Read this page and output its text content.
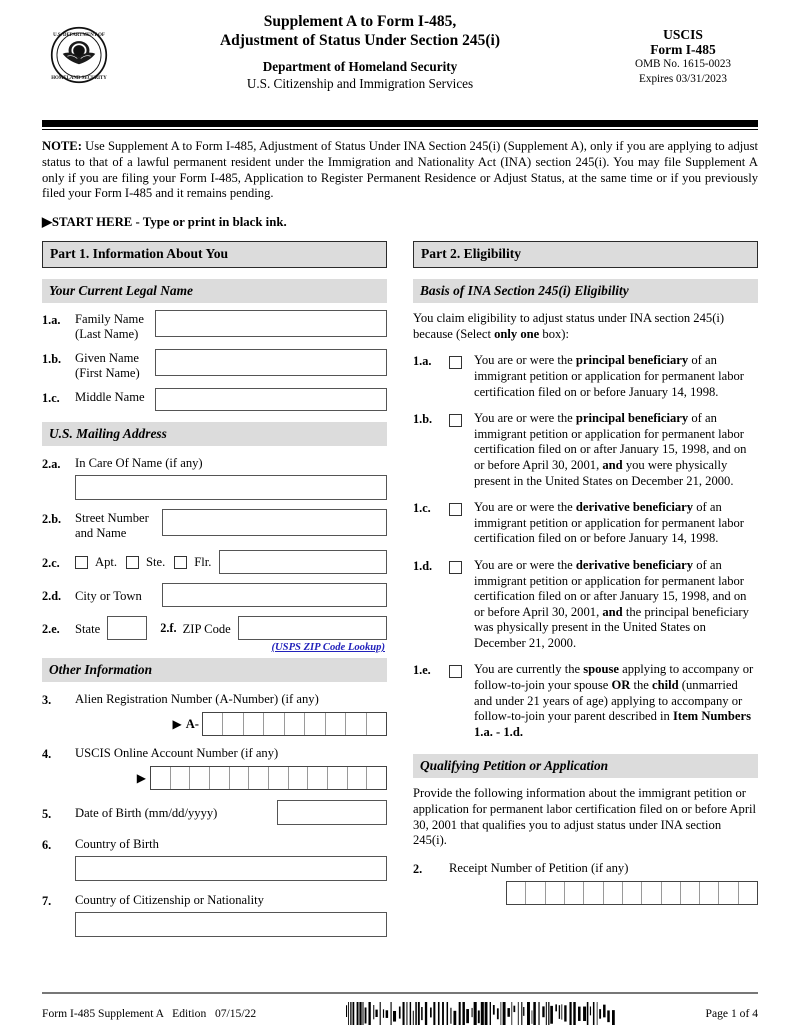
U.S. DEPARTMENT OF
HOMELAND SECURITY
Supplement A to Form I-485,
Adjustment of Status Under Section 245(i)
Department of Homeland Security
U.S. Citizenship and Immigration Services
USCIS
Form I-485
OMB No. 1615-0023
Expires 03/31/2023
NOTE: Use Supplement A to Form I-485, Adjustment of Status Under INA Section 245(i) (Supplement A), only if you are applying to adjust status to that of a lawful permanent resident under the Immigration and Nationality Act (INA) section 245(i). You may file Supplement A only if you are filing your Form I-485, Application to Register Permanent Residence or Adjust Status, at the same time or if you previously filed your Form I-485 and it remains pending.
▶START HERE - Type or print in black ink.
Part 1. Information About You
Your Current Legal Name
1.a.	Family Name
(Last Name)
1.b.	Given Name
(First Name)
1.c.	Middle Name
U.S. Mailing Address
2.a.	In Care Of Name (if any)
2.b.	Street Number
and Name
2.c.	Apt.	Ste.	Flr.
2.d.	City or Town
2.e.	State	2.f. ZIP Code
(USPS ZIP Code Lookup)
Other Information
3.	Alien Registration Number (A-Number) (if any)
▶ A-
4.	USCIS Online Account Number (if any)
▶
5.	Date of Birth (mm/dd/yyyy)
6.	Country of Birth
7.	Country of Citizenship or Nationality
Part 2. Eligibility
Basis of INA Section 245(i) Eligibility
You claim eligibility to adjust status under INA section 245(i) because (Select only one box):
1.a.	You are or were the principal beneficiary of an immigrant petition or application for permanent labor certification filed on or before January 14, 1998.
1.b.	You are or were the principal beneficiary of an immigrant petition or application for permanent labor certification filed on or after January 15, 1998, and on or before April 30, 2001, and you were physically present in the United States on December 21, 2000.
1.c.	You are or were the derivative beneficiary of an immigrant petition or application for permanent labor certification filed on or before January 14, 1998.
1.d.	You are or were the derivative beneficiary of an immigrant petition or application for permanent labor certification filed on or after January 15, 1998, and on or before April 30, 2001, and the principal beneficiary was physically present in the United States on December 21, 2000.
1.e.	You are currently the spouse applying to accompany or follow-to-join your spouse OR the child (unmarried and under 21 years of age) applying to accompany or follow-to-join your parent described in Item Numbers 1.a. - 1.d.
Qualifying Petition or Application
Provide the following information about the immigrant petition or application for permanent labor certification filed on or before April 30, 2001 that qualifies you to adjust status under INA section 245(i).
2.	Receipt Number of Petition (if any)
Form I-485 Supplement A   Edition   07/15/22	Page 1 of 4
